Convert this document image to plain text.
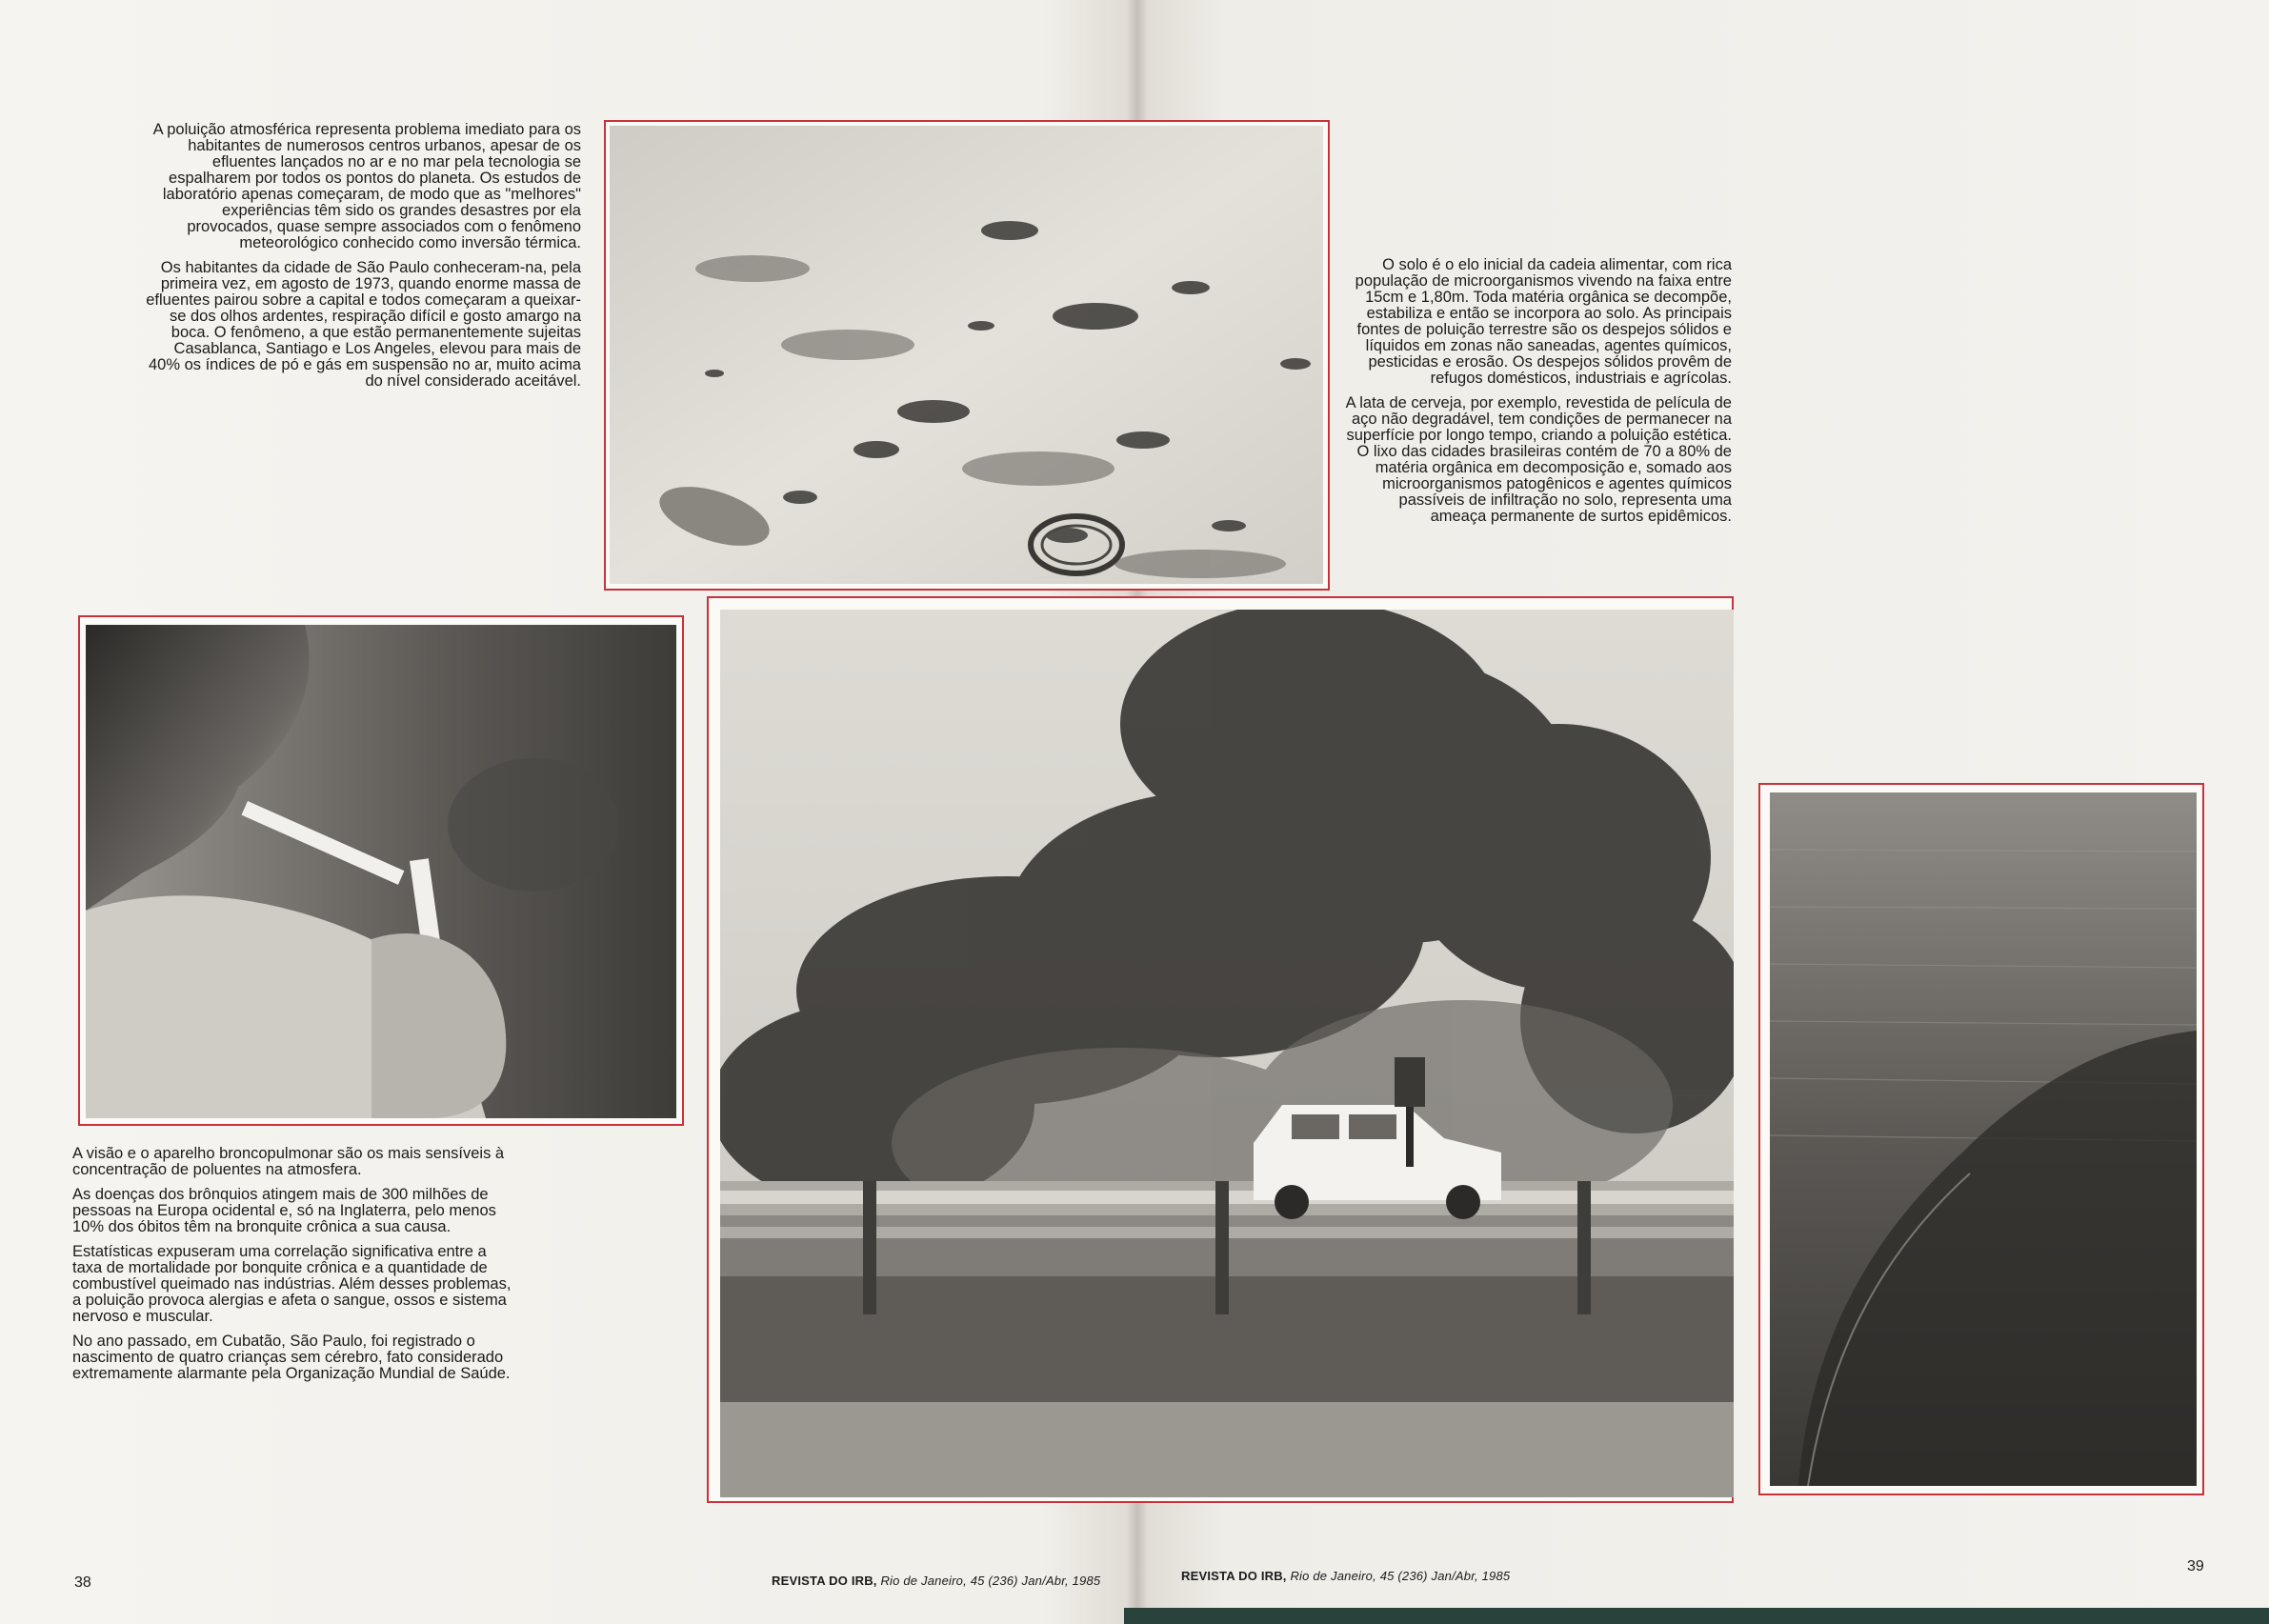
A poluição atmosférica representa problema imediato para os habitantes de numerosos centros urbanos, apesar de os efluentes lançados no ar e no mar pela tecnologia se espalharem por todos os pontos do planeta. Os estudos de laboratório apenas começaram, de modo que as "melhores" experiências têm sido os grandes desastres por ela provocados, quase sempre associados com o fenômeno meteorológico conhecido como inversão térmica.

Os habitantes da cidade de São Paulo conheceram-na, pela primeira vez, em agosto de 1973, quando enorme massa de efluentes pairou sobre a capital e todos começaram a queixar-se dos olhos ardentes, respiração difícil e gosto amargo na boca. O fenômeno, a que estão permanentemente sujeitas Casablanca, Santiago e Los Angeles, elevou para mais de 40% os índices de pó e gás em suspensão no ar, muito acima do nível considerado aceitável.

O solo é o elo inicial da cadeia alimentar, com rica população de microorganismos vivendo na faixa entre 15cm e 1,80m. Toda matéria orgânica se decompõe, estabiliza e então se incorpora ao solo. As principais fontes de poluição terrestre são os despejos sólidos e líquidos em zonas não saneadas, agentes químicos, pesticidas e erosão. Os despejos sólidos provêm de refugos domésticos, industriais e agrícolas.

A lata de cerveja, por exemplo, revestida de película de aço não degradável, tem condições de permanecer na superfície por longo tempo, criando a poluição estética. O lixo das cidades brasileiras contém de 70 a 80% de matéria orgânica em decomposição e, somado aos microorganismos patogênicos e agentes químicos passíveis de infiltração no solo, representa uma ameaça permanente de surtos epidêmicos.

A visão e o aparelho broncopulmonar são os mais sensíveis à concentração de poluentes na atmosfera.

As doenças dos brônquios atingem mais de 300 milhões de pessoas na Europa ocidental e, só na Inglaterra, pelo menos 10% dos óbitos têm na bronquite crônica a sua causa.

Estatísticas expuseram uma correlação significativa entre a taxa de mortalidade por bonquite crônica e a quantidade de combustível queimado nas indústrias. Além desses problemas, a poluição provoca alergias e afeta o sangue, ossos e sistema nervoso e muscular.

No ano passado, em Cubatão, São Paulo, foi registrado o nascimento de quatro crianças sem cérebro, fato considerado extremamente alarmante pela Organização Mundial de Saúde.

38	REVISTA DO IRB, Rio de Janeiro, 45 (236) Jan/Abr, 1985	REVISTA DO IRB, Rio de Janeiro, 45 (236) Jan/Abr, 1985
39
